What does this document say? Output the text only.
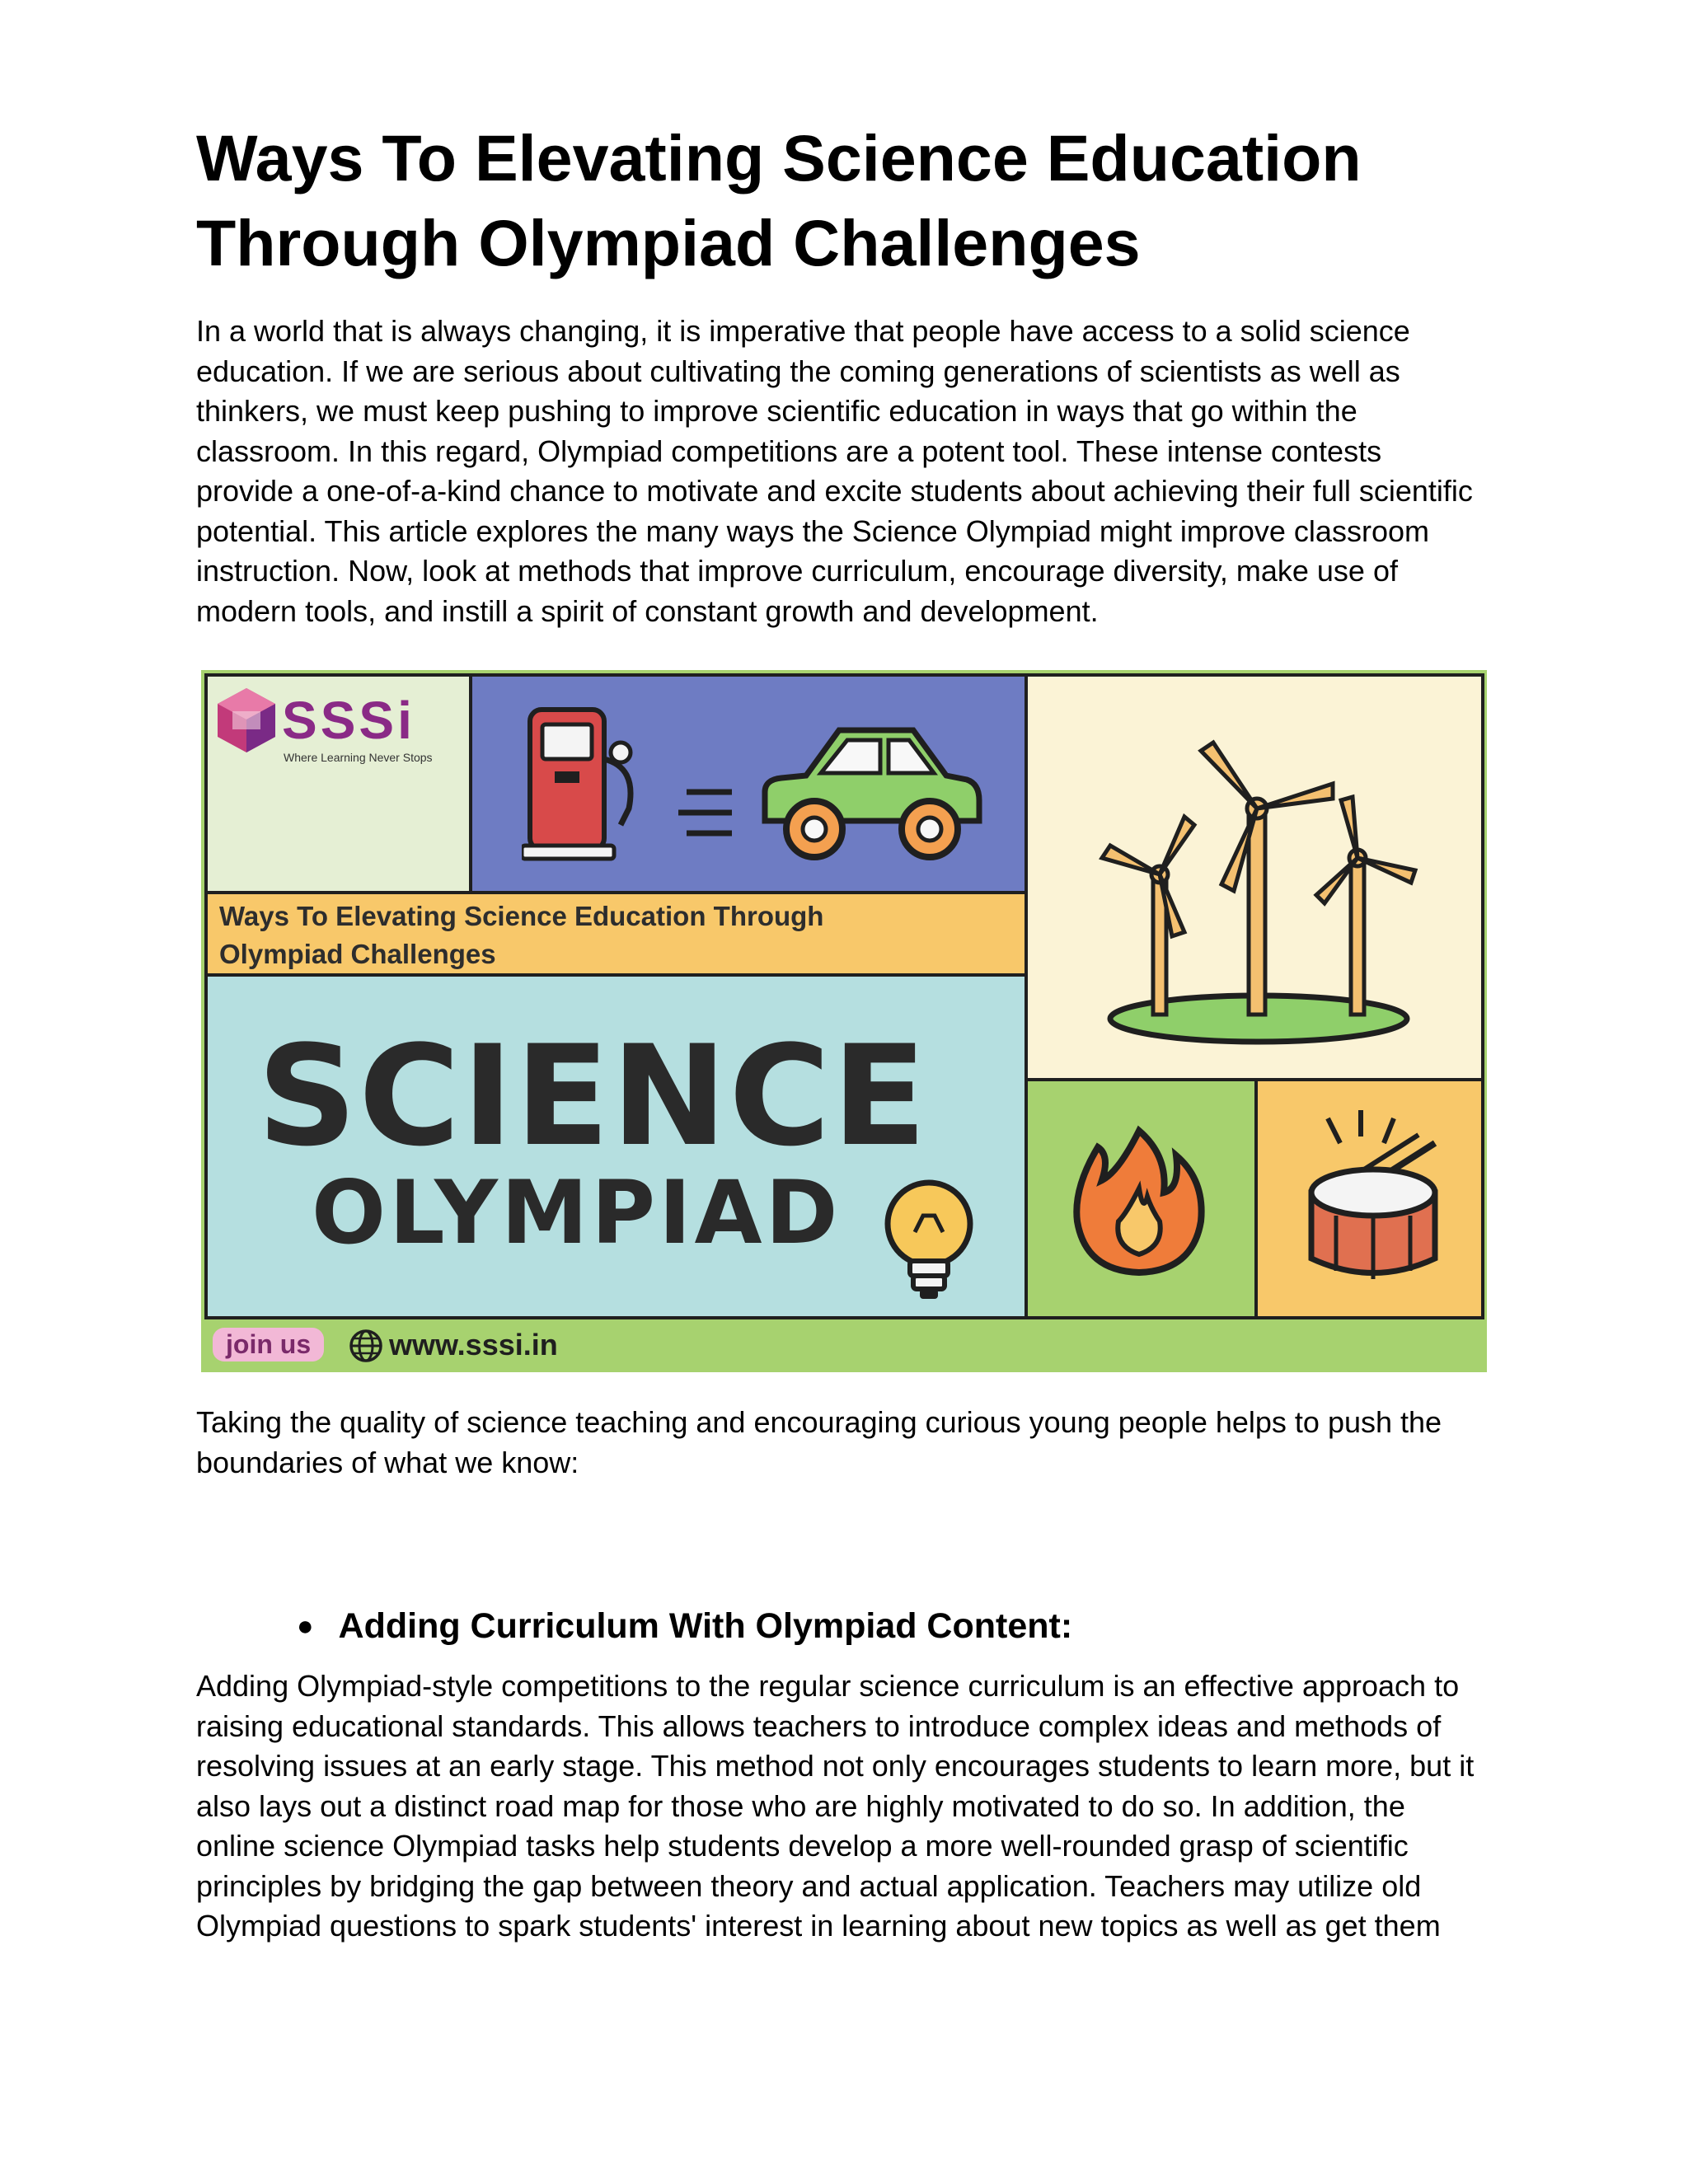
Ways To Elevating Science Education
Through Olympiad Challenges

In a world that is always changing, it is imperative that people have access to a solid science education. If we are serious about cultivating the coming generations of scientists as well as thinkers, we must keep pushing to improve scientific education in ways that go within the classroom. In this regard, Olympiad competitions are a potent tool. These intense contests provide a one-of-a-kind chance to motivate and excite students about achieving their full scientific potential. This article explores the many ways the Science Olympiad might improve classroom instruction. Now, look at methods that improve curriculum, encourage diversity, make use of modern tools, and instill a spirit of constant growth and development.

SSSi
Where Learning Never Stops
Ways To Elevating Science Education Through
Olympiad Challenges
SCIENCE
OLYMPIAD
join us	www.sssi.in

Taking the quality of science teaching and encouraging curious young people helps to push the boundaries of what we know:

● Adding Curriculum With Olympiad Content:

Adding Olympiad-style competitions to the regular science curriculum is an effective approach to raising educational standards. This allows teachers to introduce complex ideas and methods of resolving issues at an early stage. This method not only encourages students to learn more, but it also lays out a distinct road map for those who are highly motivated to do so. In addition, the online science Olympiad tasks help students develop a more well-rounded grasp of scientific principles by bridging the gap between theory and actual application. Teachers may utilize old Olympiad questions to spark students' interest in learning about new topics as well as get them
